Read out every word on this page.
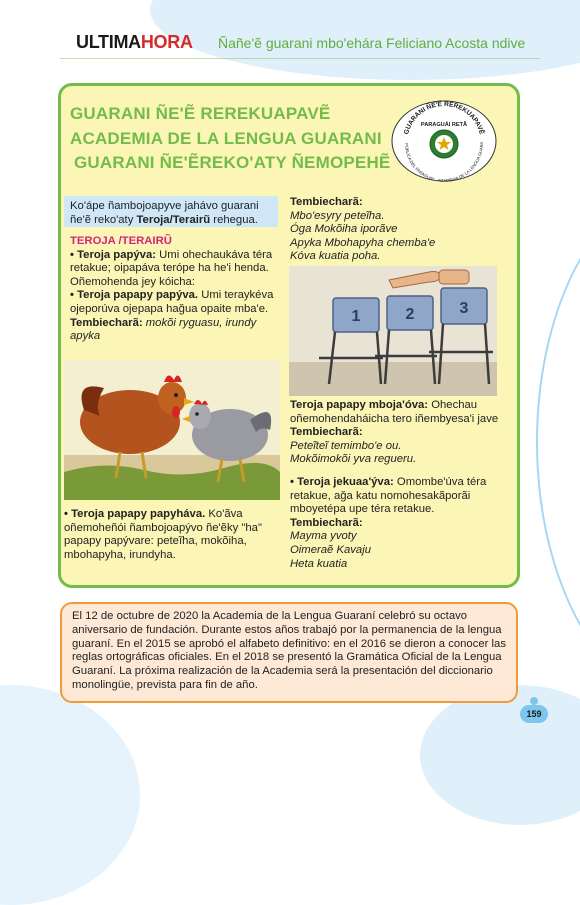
ULTIMAHORA Ñañe'ẽ guarani mbo'ehára Feliciano Acosta ndive
GUARANI ÑE'Ẽ REREKUAPAVẼ
ACADEMIA DE LA LENGUA GUARANI
GUARANI ÑE'ẼREKO'ATY ÑEMOPEHẼ
GUARANI ÑE'Ẽ REREKUAPAVẼ
PARAGUÁI RETÃ
PÚBLICA DEL PARAGUAY · ACADEMIA DE LA LENGUA GUARA
Ko'ápe ñambojoapyve jahávo guarani ñe'ẽ reko'aty Teroja/Terairũ rehegua.
TEROJA /TERAIRŨ
• Teroja papýva: Umi ohechaukáva téra retakue; oipapáva terópe ha he'i henda. Oñemohenda jey kóicha:
• Teroja papapy papýva. Umi teraykéva ojeporúva ojepapa hağua opaite mba'e.
Tembiecharã: mokõi ryguasu, irundy apyka
• Teroja papapy papyháva. Ko'ãva oñemoheñói ñambojoapývo ñe'ẽky "ha" papapy papývare: peteĩha, mokõiha, mbohapyha, irundyha.
Tembiecharã:
Mbo'esyry peteĩha.
Óga Mokõiha iporãve
Apyka Mbohapyha chemba'e
Kóva kuatia poha.
1	2	3
Teroja papapy mboja'óva: Ohechau oñemohendaháicha tero iñembyesa'i jave
Tembiecharã:
Peteĩteĩ temimbo'e ou.
Mokõimokõi yva regueru.
• Teroja jekuaa'ýva: Omombe'úva téra retakue, ağa katu nomohesakãporãi mboyetépa upe téra retakue.
Tembiecharã:
Mayma yvoty
Oimeraẽ Kavaju
Heta kuatia
El 12 de octubre de 2020 la Academia de la Lengua Guaraní celebró su octavo aniversario de fundación. Durante estos años trabajó por la permanencia de la lengua guaraní. En el 2015 se aprobó el alfabeto definitivo: en el 2016 se dieron a conocer las reglas ortográficas oficiales. En el 2018 se presentó la Gramática Oficial de la Lengua Guaraní. La próxima realización de la Academia será la presentación del diccionario monolingüe, prevista para fin de año.
159
